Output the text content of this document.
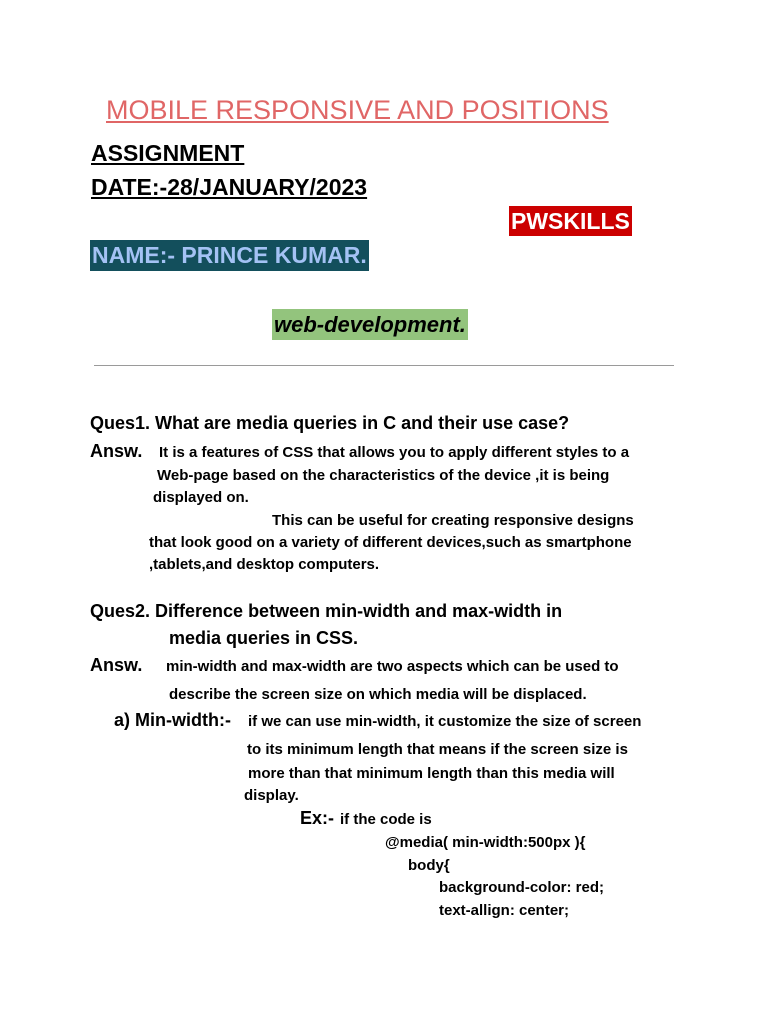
MOBILE RESPONSIVE AND POSITIONS
ASSIGNMENT
DATE:-28/JANUARY/2023
PWSKILLS
NAME:- PRINCE KUMAR.
web-development.
Ques1. What are media queries in C and their use case?
Answ. It is a features of CSS that allows you to apply different styles to a
Web-page based on the characteristics of the device ,it is being
displayed on.
This can be useful for creating responsive designs
that look good on a variety of different devices,such as smartphone
,tablets,and desktop computers.
Ques2. Difference between min-width and max-width in
media queries in CSS.
Answ. min-width and max-width are two aspects which can be used to
describe the screen size on which media will be displaced.
a) Min-width:- if we can use min-width, it customize the size of screen
to its minimum length that means if the screen size is
more than that minimum length than this media will
display.
Ex:- if the code is
@media( min-width:500px ){
body{
background-color: red;
text-allign: center;
